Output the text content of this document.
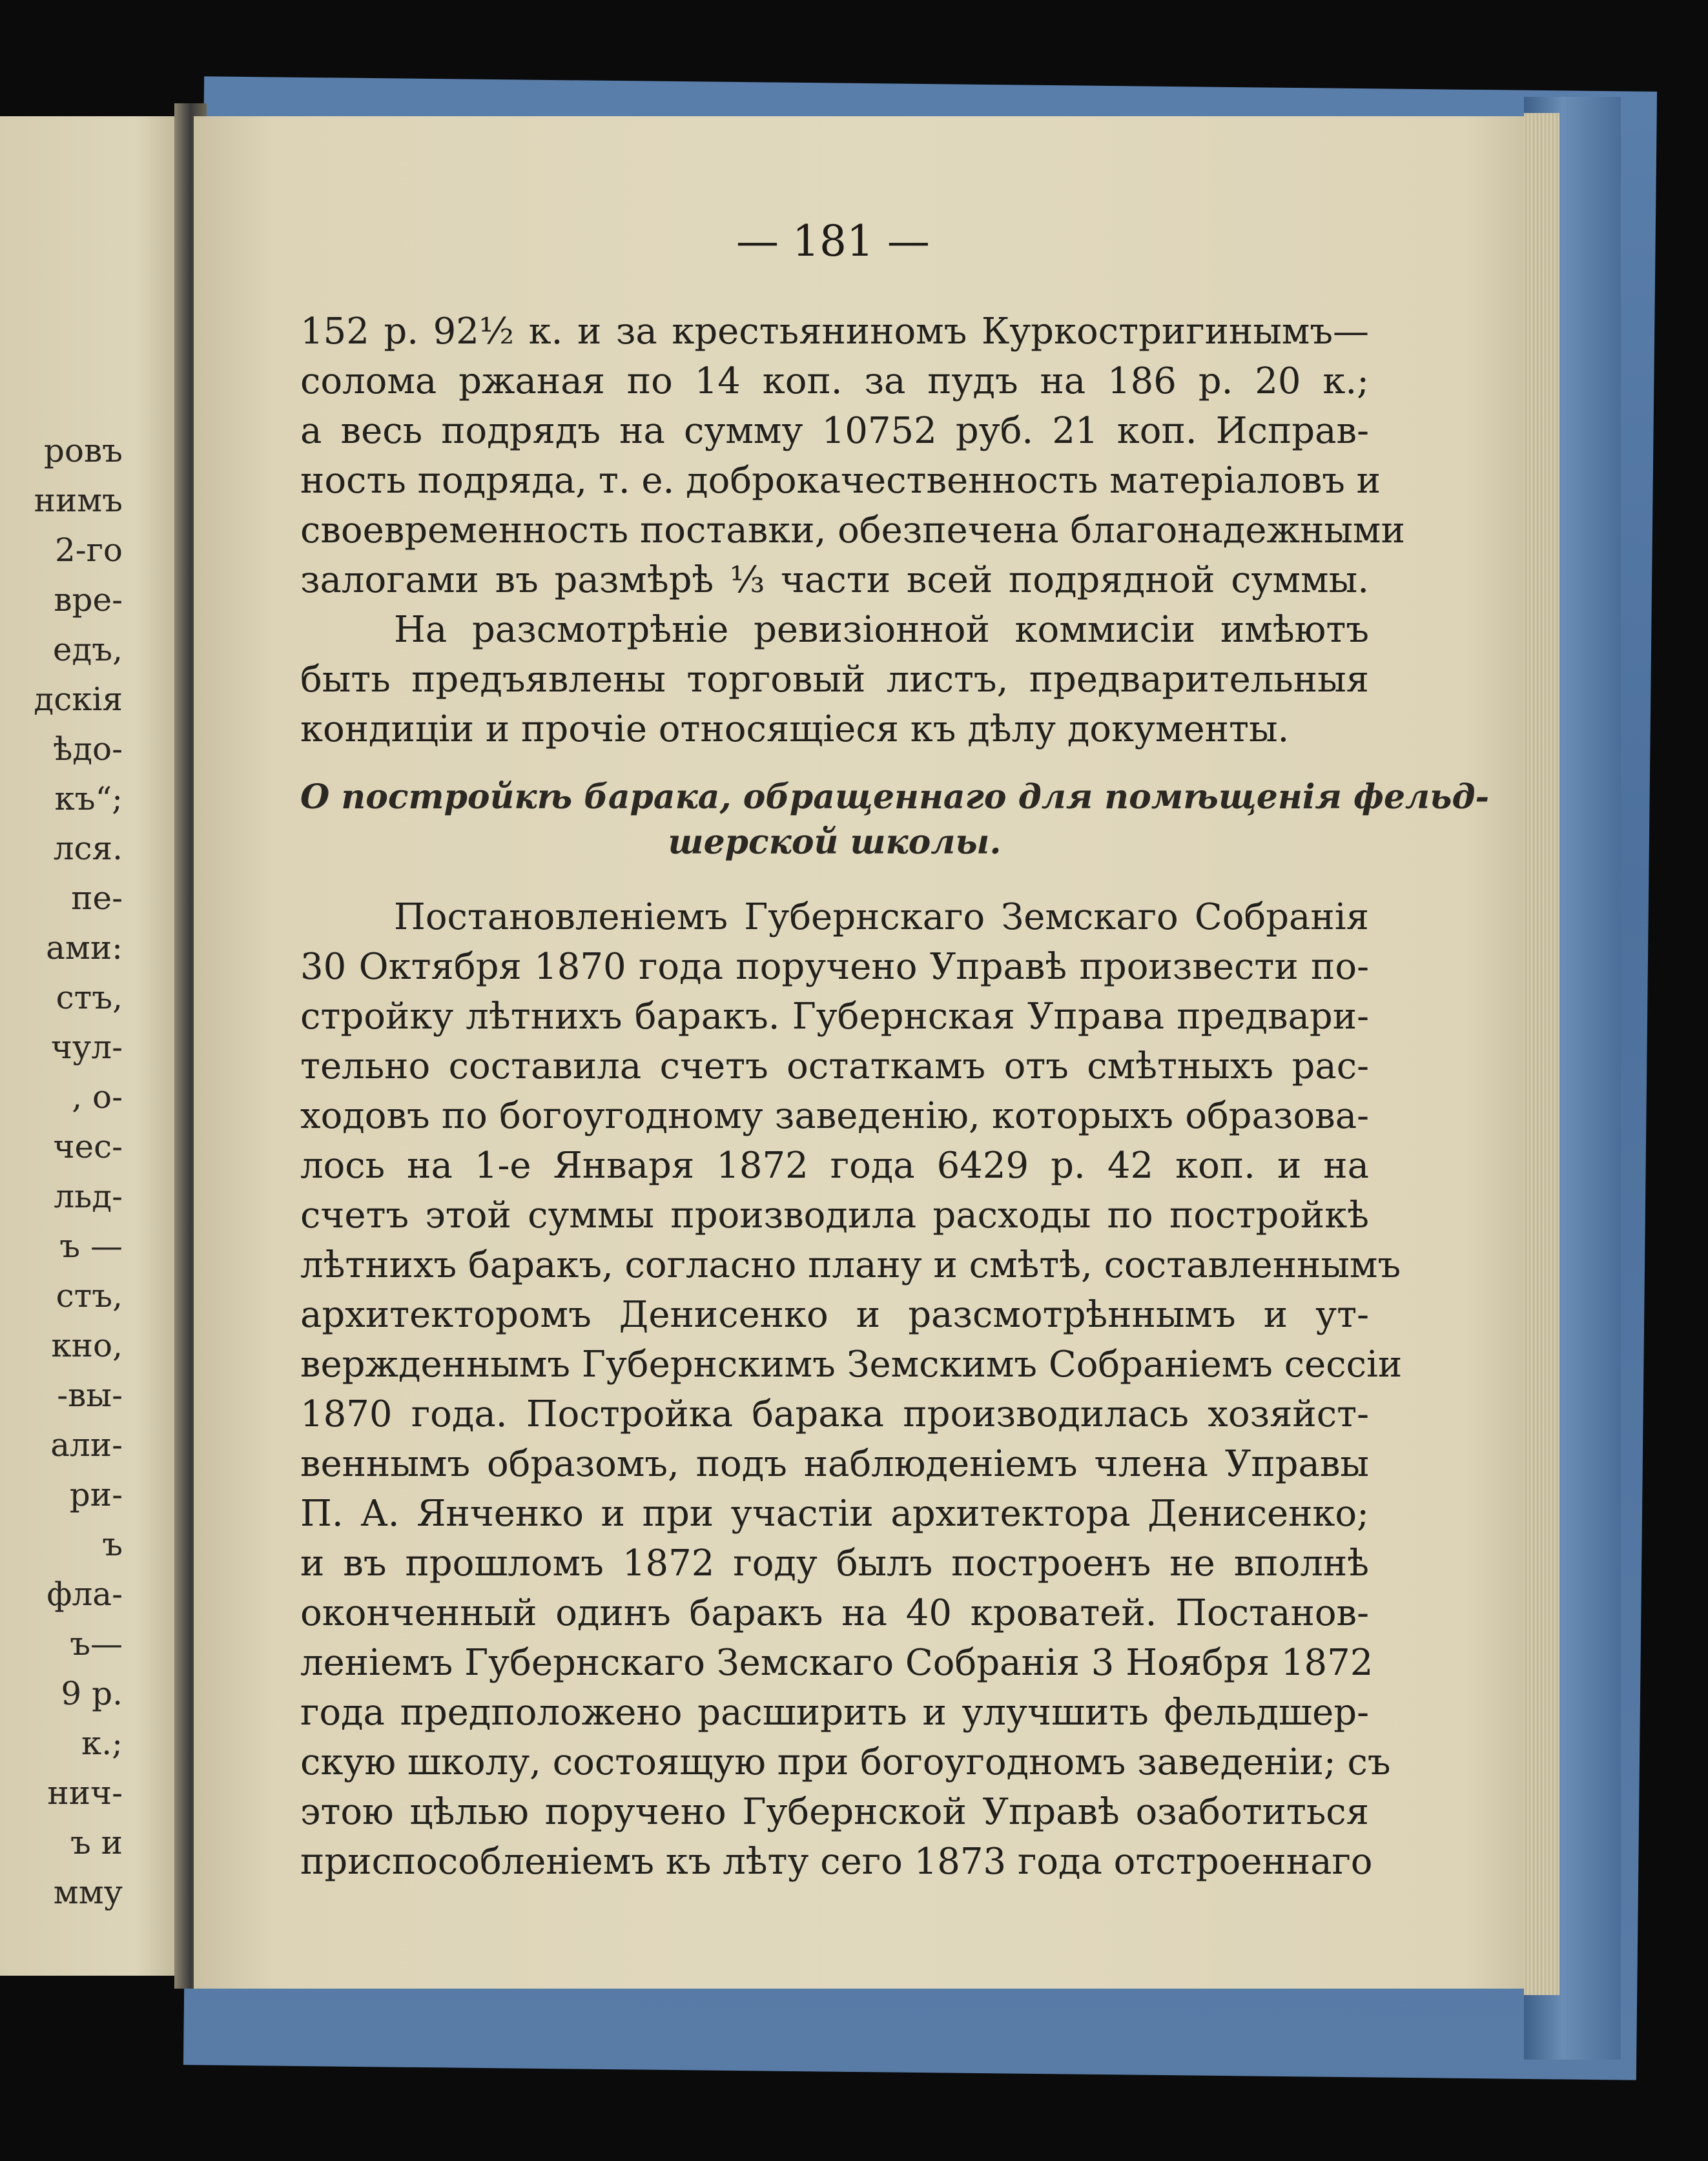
ровъ
нимъ
2-го
вре-
едъ,
дскія
ѣдо-
къ“;
лся.
пе-
ами:
стъ,
чул-
, о-
чес-
льд-
ъ —
стъ,
кно,
-вы-
али-
ри-
ъ
фла-
ъ—
9 р.
к.;
нич-
ъ и
мму
— 181 —
152 р. 92½ к. и за крестьяниномъ Куркостригинымъ—
солома ржаная по 14 коп. за пудъ на 186 р. 20 к.;
а весь подрядъ на сумму 10752 руб. 21 коп. Исправ-
ность подряда, т. е. доброкачественность матеріаловъ и
своевременность поставки, обезпечена благонадежными
залогами въ размѣрѣ ⅓ части всей подрядной суммы.
На разсмотрѣніе ревизіонной коммисіи имѣютъ
быть предъявлены торговый листъ, предварительныя
кондиціи и прочіе относящіеся къ дѣлу документы.
О постройкѣ барака, обращеннаго для помѣщенія фельд-
шерской школы.
Постановленіемъ Губернскаго Земскаго Собранія
30 Октября 1870 года поручено Управѣ произвести по-
стройку лѣтнихъ баракъ. Губернская Управа предвари-
тельно составила счетъ остаткамъ отъ смѣтныхъ рас-
ходовъ по богоугодному заведенію, которыхъ образова-
лось на 1-е Января 1872 года 6429 р. 42 коп. и на
счетъ этой суммы производила расходы по постройкѣ
лѣтнихъ баракъ, согласно плану и смѣтѣ, составленнымъ
архитекторомъ Денисенко и разсмотрѣннымъ и ут-
вержденнымъ Губернскимъ Земскимъ Собраніемъ сессіи
1870 года. Постройка барака производилась хозяйст-
веннымъ образомъ, подъ наблюденіемъ члена Управы
П. А. Янченко и при участіи архитектора Денисенко;
и въ прошломъ 1872 году былъ построенъ не вполнѣ
оконченный одинъ баракъ на 40 кроватей. Постанов-
леніемъ Губернскаго Земскаго Собранія 3 Ноября 1872
года предположено расширить и улучшить фельдшер-
скую школу, состоящую при богоугодномъ заведеніи; съ
этою цѣлью поручено Губернской Управѣ озаботиться
приспособленіемъ къ лѣту сего 1873 года отстроеннаго
